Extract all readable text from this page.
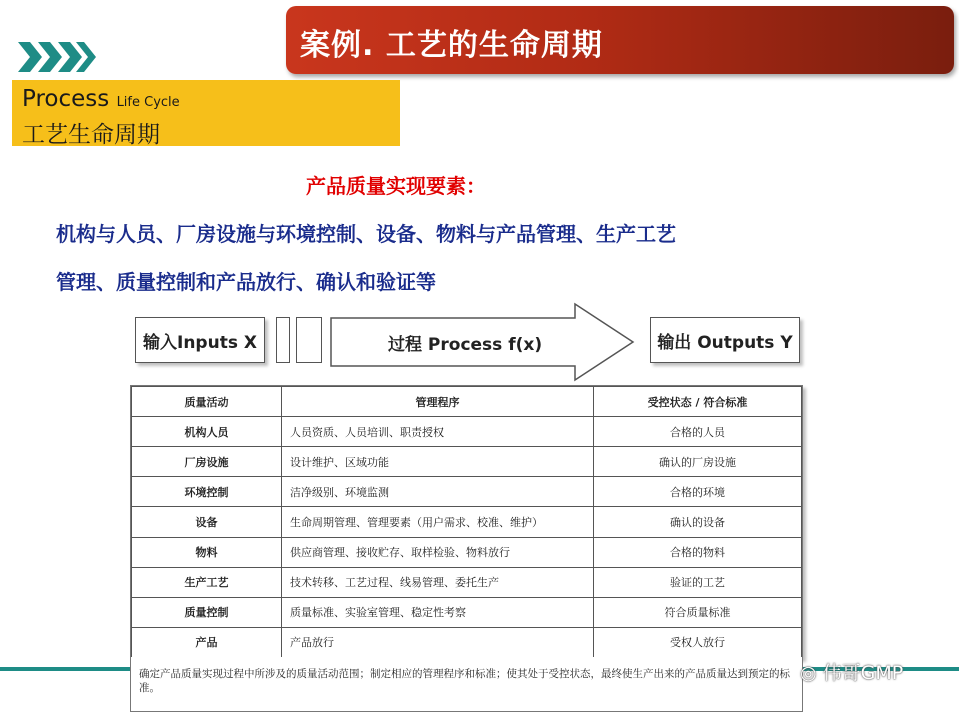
案例. 工艺的生命周期
Process Life Cycle
工艺生命周期
产品质量实现要素：
机构与人员、厂房设施与环境控制、设备、物料与产品管理、生产工艺
管理、质量控制和产品放行、确认和验证等
输入Inputs X	过程 Process f(x)	输出 Outputs Y
质量活动	管理程序	受控状态 / 符合标准
机构人员	人员资质、人员培训、职责授权	合格的人员
厂房设施	设计维护、区域功能	确认的厂房设施
环境控制	洁净级别、环境监测	合格的环境
设备	生命周期管理、管理要素（用户需求、校准、维护）	确认的设备
物料	供应商管理、接收贮存、取样检验、物料放行	合格的物料
生产工艺	技术转移、工艺过程、线易管理、委托生产	验证的工艺
质量控制	质量标准、实验室管理、稳定性考察	符合质量标准
产品	产品放行	受权人放行
确定产品质量实现过程中所涉及的质量活动范围；制定相应的管理程序和标准；使其处于受控状态，最终使生产出来的产品质量达到预定的标准。
◎ 伟哥GMP
